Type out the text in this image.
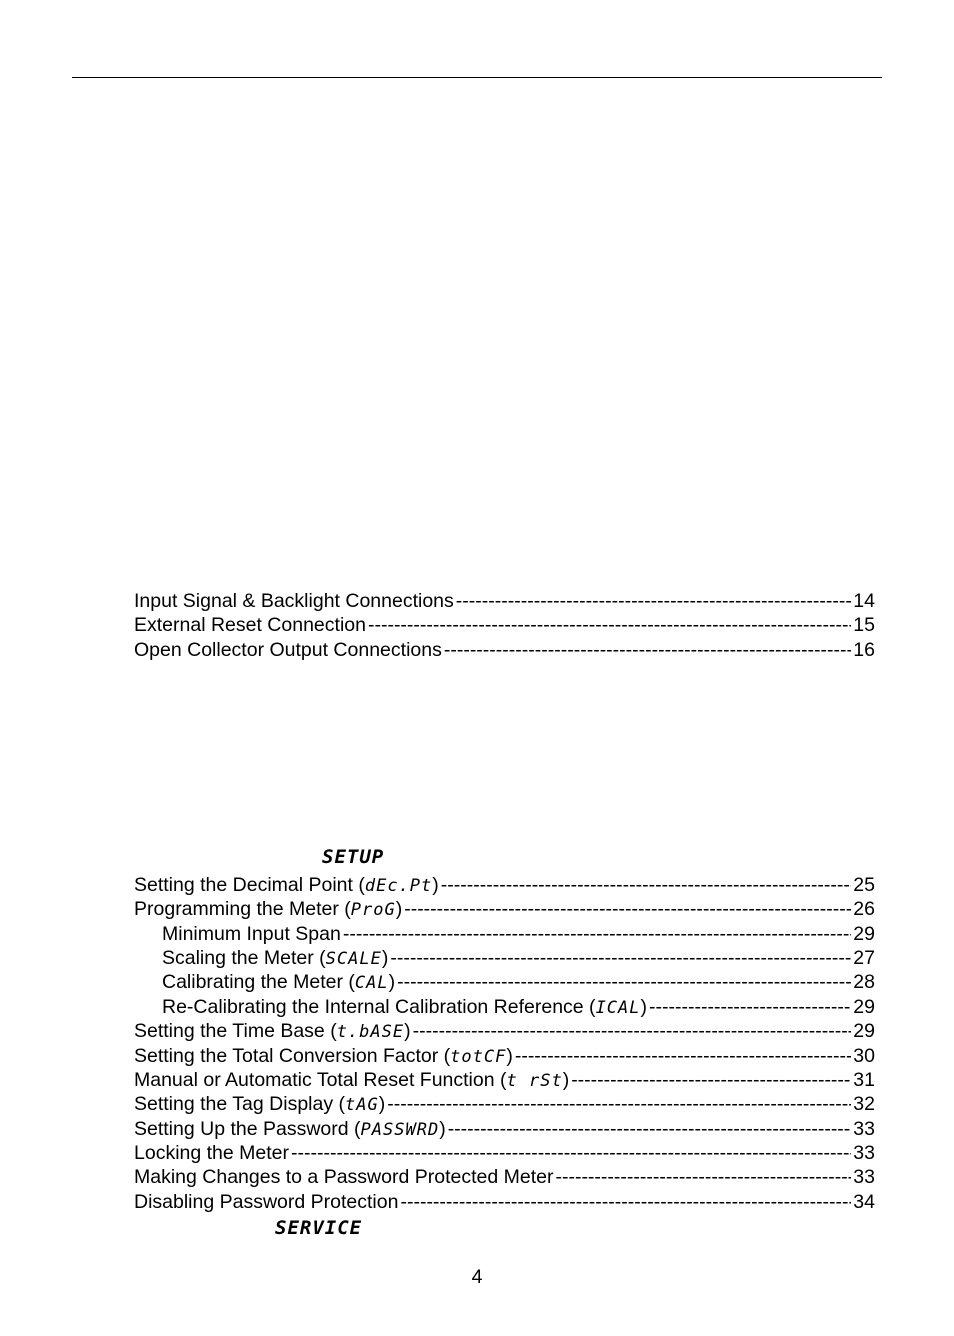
Input Signal & Backlight Connections -----	14
External Reset Connection -----	15
Open Collector Output Connections -----	16
SETUP
Setting the Decimal Point ( dEc.Pt ) -----	25
Programming the Meter ( ProG ) -----	26
Minimum Input Span -----	29
Scaling the Meter ( SCALE ) -----	27
Calibrating the Meter ( CAL ) -----	28
Re-Calibrating the Internal Calibration Reference ( ICAL ) -----	29
Setting the Time Base ( t.bASE ) -----	29
Setting the Total Conversion Factor ( totCF ) -----	30
Manual or Automatic Total Reset Function ( t rSt ) -----	31
Setting the Tag Display ( tAG ) -----	32
Setting Up the Password ( PASSWRD ) -----	33
Locking the Meter -----	33
Making Changes to a Password Protected Meter -----	33
Disabling Password Protection -----	34
SERVICE
4
